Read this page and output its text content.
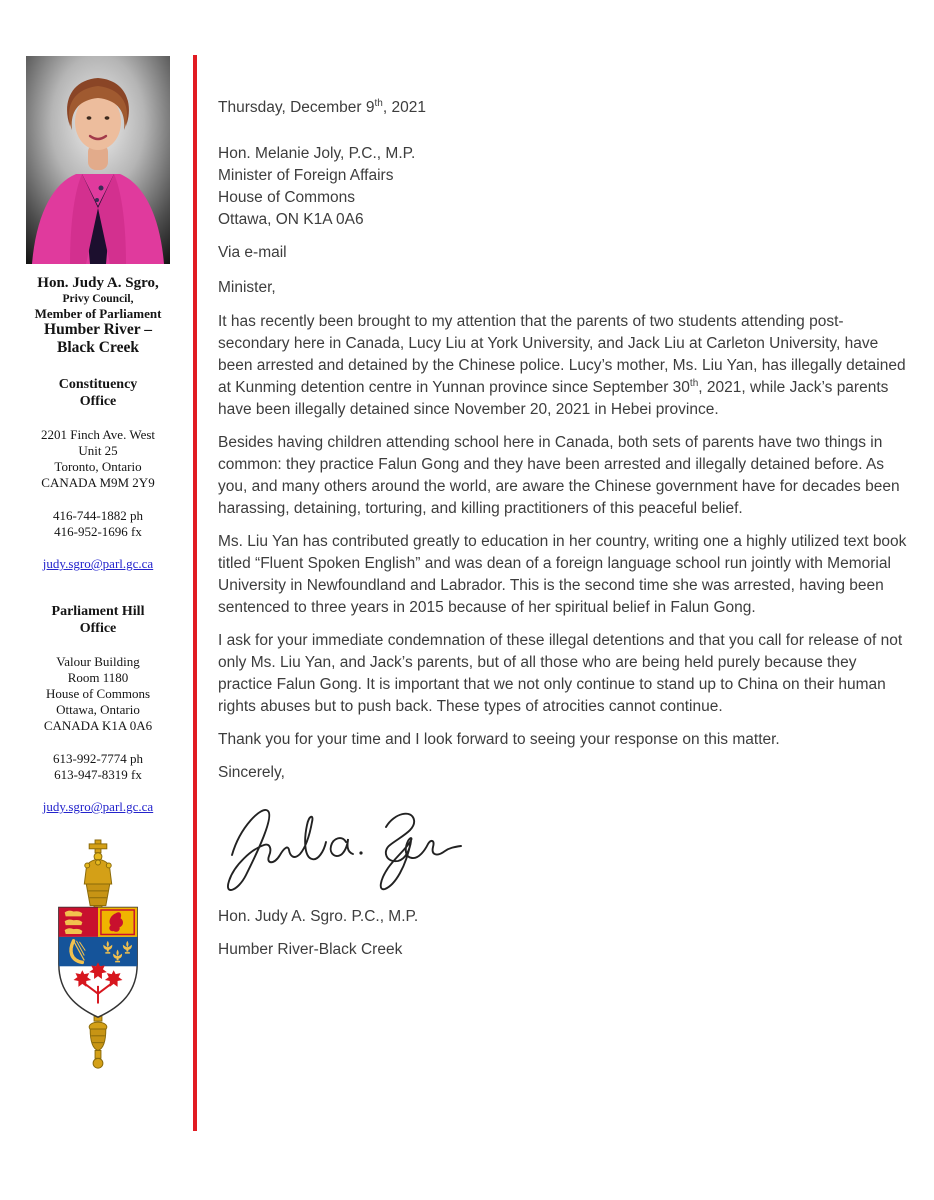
Hon. Judy A. Sgro,
Privy Council,
Member of Parliament
Humber River –
Black Creek
Constituency
Office
2201 Finch Ave. West
Unit 25
Toronto, Ontario
CANADA M9M 2Y9
416-744-1882 ph
416-952-1696 fx
judy.sgro@parl.gc.ca
Parliament Hill
Office
Valour Building
Room 1180
House of Commons
Ottawa, Ontario
CANADA K1A 0A6
613-992-7774 ph
613-947-8319 fx
judy.sgro@parl.gc.ca

Thursday, December 9th, 2021

Hon. Melanie Joly, P.C., M.P.

Minister of Foreign Affairs

House of Commons

Ottawa, ON K1A 0A6

Via e-mail

Minister,

It has recently been brought to my attention that the parents of two students attending post-secondary here in Canada, Lucy Liu at York University, and Jack Liu at Carleton University, have been arrested and detained by the Chinese police. Lucy’s mother, Ms. Liu Yan, has illegally detained at Kunming detention centre in Yunnan province since September 30th, 2021, while Jack’s parents have been illegally detained since November 20, 2021 in Hebei province.

Besides having children attending school here in Canada, both sets of parents have two things in common: they practice Falun Gong and they have been arrested and illegally detained before. As you, and many others around the world, are aware the Chinese government have for decades been harassing, detaining, torturing, and killing practitioners of this peaceful belief.

Ms. Liu Yan has contributed greatly to education in her country, writing one a highly utilized text book titled “Fluent Spoken English” and was dean of a foreign language school run jointly with Memorial University in Newfoundland and Labrador. This is the second time she was arrested, having been sentenced to three years in 2015 because of her spiritual belief in Falun Gong.

I ask for your immediate condemnation of these illegal detentions and that you call for release of not only Ms. Liu Yan, and Jack’s parents, but of all those who are being held purely because they practice Falun Gong. It is important that we not only continue to stand up to China on their human rights abuses but to push back. These types of atrocities cannot continue.

Thank you for your time and I look forward to seeing your response on this matter.

Sincerely,

Hon. Judy A. Sgro. P.C., M.P.

Humber River-Black Creek
